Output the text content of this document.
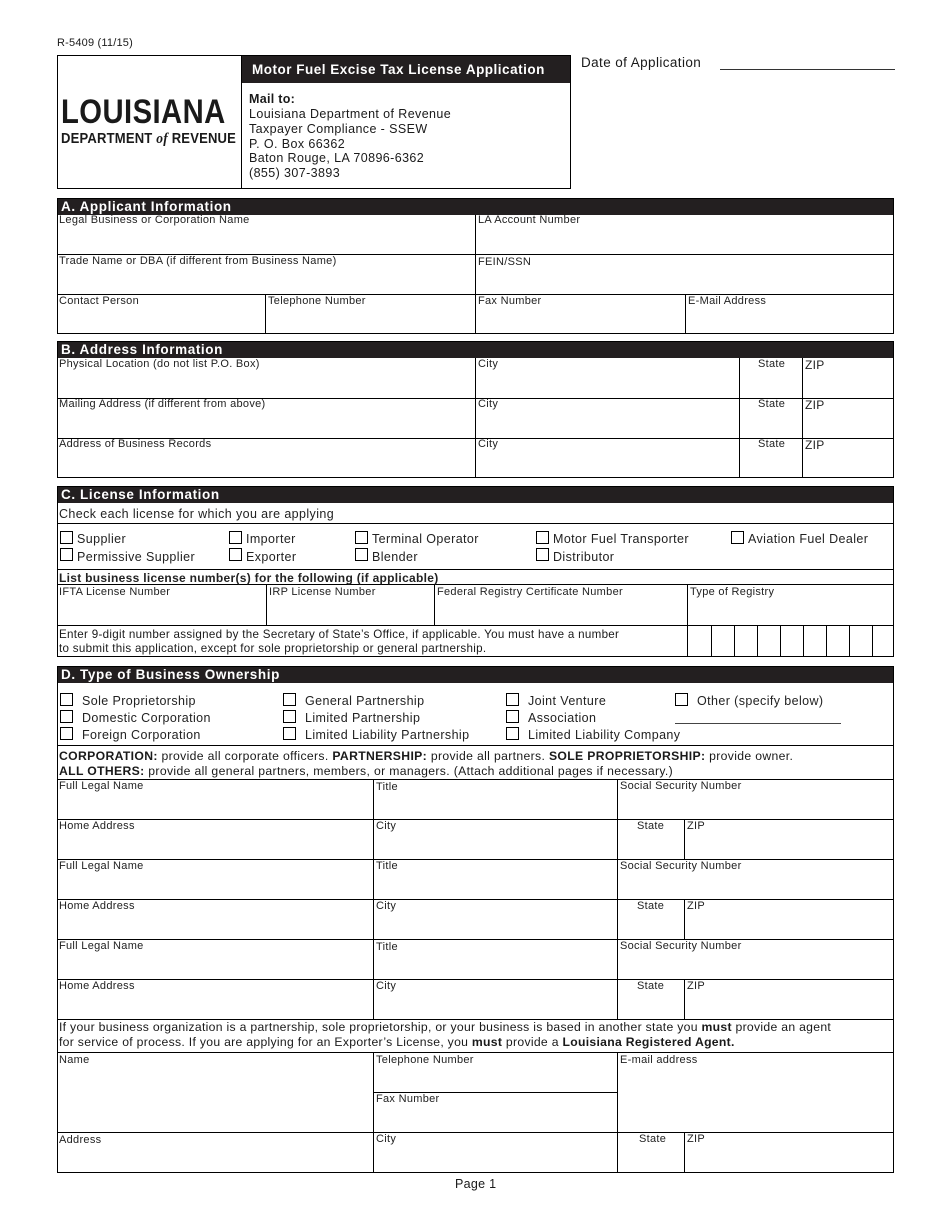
R-5409 (11/15)
Motor Fuel Excise Tax License Application
LOUISIANA
DEPARTMENT of REVENUE
Mail to:
Louisiana Department of Revenue
Taxpayer Compliance - SSEW
P. O. Box 66362
Baton Rouge, LA 70896-6362
(855) 307-3893
Date of Application
A. Applicant Information
Legal Business or Corporation Name	LA Account Number
Trade Name or DBA (if different from Business Name)	FEIN/SSN
Contact Person	Telephone Number	Fax Number	E-Mail Address
B. Address Information
Physical Location (do not list P.O. Box)	City	State ZIP
Mailing Address (if different from above)	City	State ZIP
Address of Business Records	City	State ZIP
C. License Information
Check each license for which you are applying
Supplier
Permissive Supplier
Importer
Exporter
Terminal Operator
Blender
Motor Fuel Transporter
Distributor
Aviation Fuel Dealer
List business license number(s) for the following (if applicable)
IFTA License Number	IRP License Number	Federal Registry Certificate Number	Type of Registry
Enter 9-digit number assigned by the Secretary of State’s Office, if applicable. You must have a number
to submit this application, except for sole proprietorship or general partnership.
D. Type of Business Ownership
Sole Proprietorship
Domestic Corporation
Foreign Corporation
General Partnership
Limited Partnership
Limited Liability Partnership
Joint Venture
Association
Limited Liability Company
Other (specify below)
CORPORATION: provide all corporate officers. PARTNERSHIP: provide all partners. SOLE PROPRIETORSHIP: provide owner.
ALL OTHERS: provide all general partners, members, or managers. (Attach additional pages if necessary.)
Full Legal Name	Title	Social Security Number
Home Address	City	State ZIP
Full Legal Name	Title	Social Security Number
Home Address	City	State ZIP
Full Legal Name	Title	Social Security Number
Home Address	City	State ZIP
If your business organization is a partnership, sole proprietorship, or your business is based in another state you must provide an agent
for service of process. If you are applying for an Exporter’s License, you must provide a Louisiana Registered Agent.
Name	Telephone Number	E-mail address
Fax Number
Address	City	State ZIP
Page 1
